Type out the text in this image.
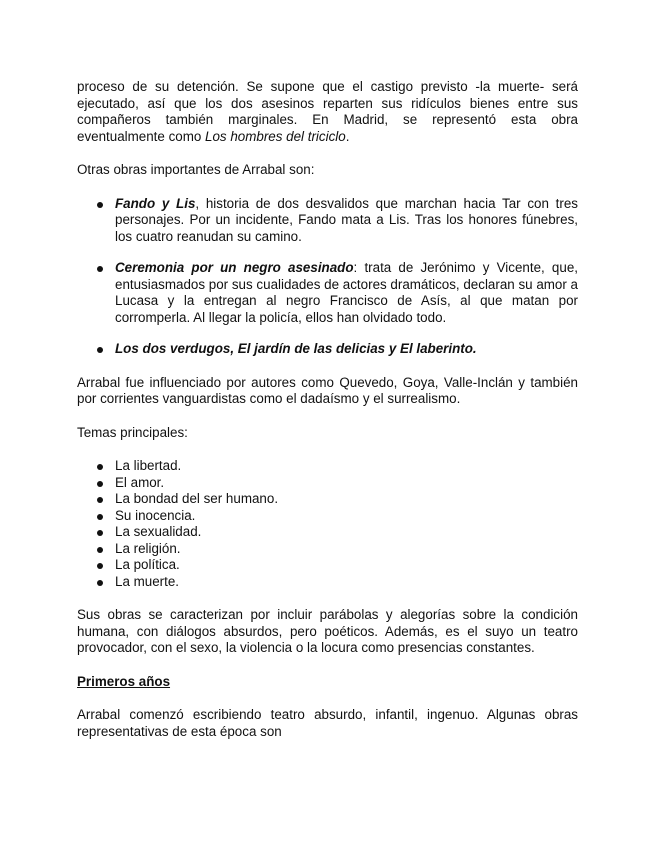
proceso de su detención. Se supone que el castigo previsto -la muerte- será ejecutado, así que los dos asesinos reparten sus ridículos bienes entre sus compañeros también marginales. En Madrid, se representó esta obra eventualmente como Los hombres del triciclo.

Otras obras importantes de Arrabal son:

Fando y Lis, historia de dos desvalidos que marchan hacia Tar con tres personajes. Por un incidente, Fando mata a Lis. Tras los honores fúnebres, los cuatro reanudan su camino.
Ceremonia por un negro asesinado: trata de Jerónimo y Vicente, que, entusiasmados por sus cualidades de actores dramáticos, declaran su amor a Lucasa y la entregan al negro Francisco de Asís, al que matan por corromperla. Al llegar la policía, ellos han olvidado todo.
Los dos verdugos, El jardín de las delicias y El laberinto.

Arrabal fue influenciado por autores como Quevedo, Goya, Valle-Inclán y también por corrientes vanguardistas como el dadaísmo y el surrealismo.

Temas principales:

La libertad.
El amor.
La bondad del ser humano.
Su inocencia.
La sexualidad.
La religión.
La política.
La muerte.

Sus obras se caracterizan por incluir parábolas y alegorías sobre la condición humana, con diálogos absurdos, pero poéticos. Además, es el suyo un teatro provocador, con el sexo, la violencia o la locura como presencias constantes.

Primeros años

Arrabal comenzó escribiendo teatro absurdo, infantil, ingenuo. Algunas obras representativas de esta época son
